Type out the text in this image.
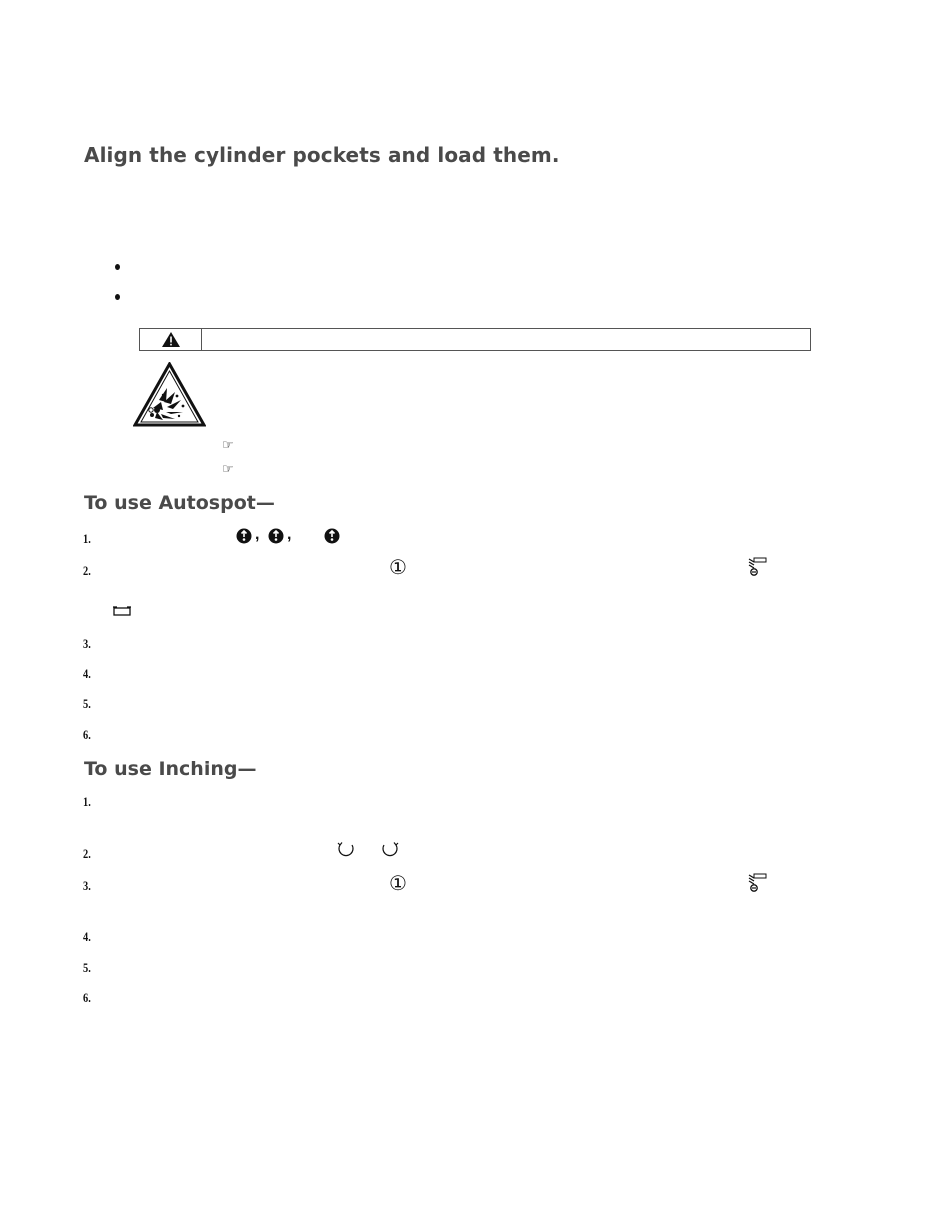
Align the cylinder pockets and load them.
☞
☞
To use Autospot—
1.	, ,
2.	①
3.
4.
5.
6.
To use Inching—
1.
2.
3.	①
4.
5.
6.
